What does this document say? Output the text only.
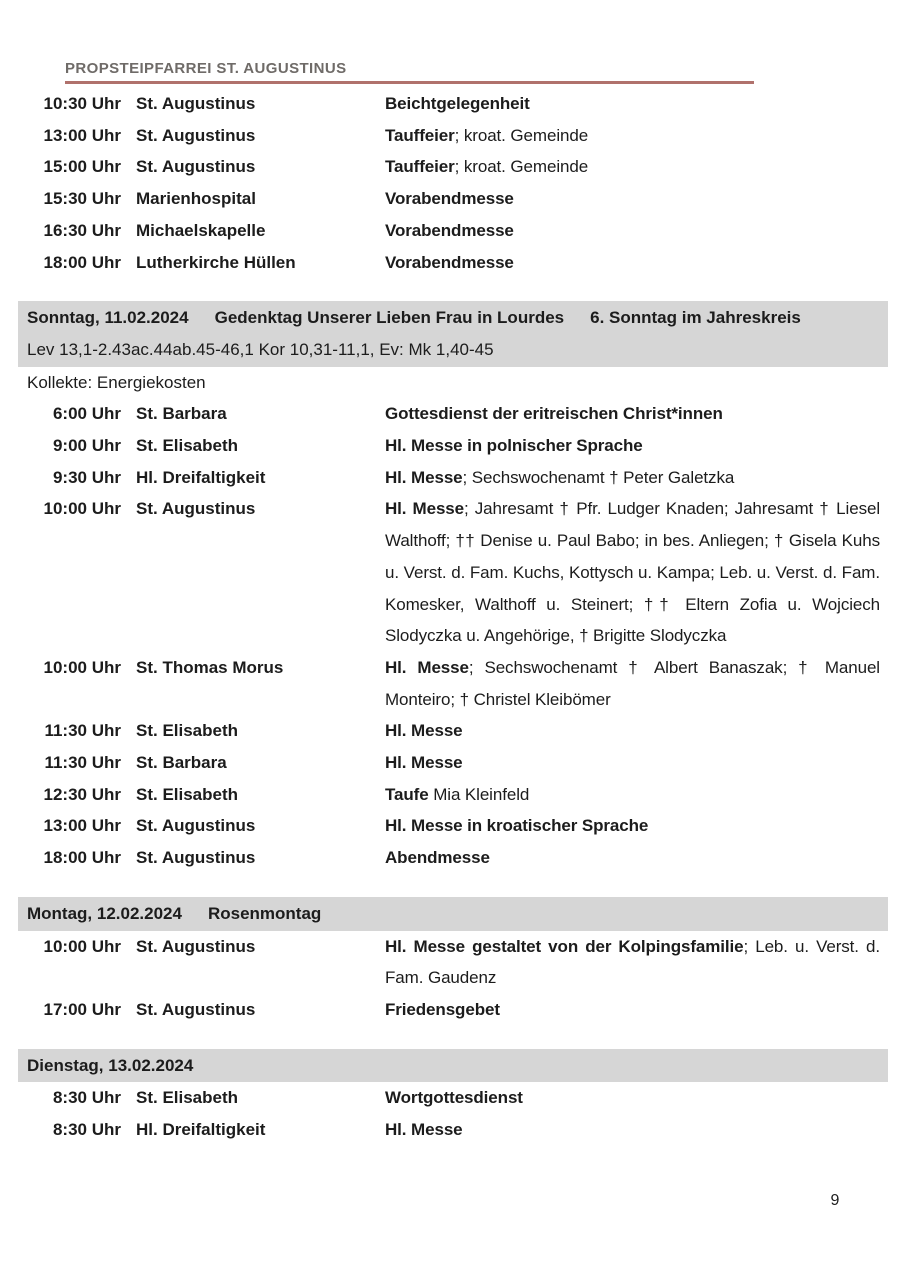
PROPSTEIPFARREI ST. AUGUSTINUS
10:30 Uhr St. Augustinus	Beichtgelegenheit
13:00 Uhr St. Augustinus	Tauffeier; kroat. Gemeinde
15:00 Uhr St. Augustinus	Tauffeier; kroat. Gemeinde
15:30 Uhr Marienhospital	Vorabendmesse
16:30 Uhr Michaelskapelle	Vorabendmesse
18:00 Uhr Lutherkirche Hüllen	Vorabendmesse
Sonntag, 11.02.2024 Gedenktag Unserer Lieben Frau in Lourdes 6. Sonntag im Jahreskreis
Lev 13,1-2.43ac.44ab.45-46,1 Kor 10,31-11,1, Ev: Mk 1,40-45
Kollekte: Energiekosten
6:00 Uhr St. Barbara	Gottesdienst der eritreischen Christ*innen
9:00 Uhr St. Elisabeth	Hl. Messe in polnischer Sprache
9:30 Uhr Hl. Dreifaltigkeit	Hl. Messe; Sechswochenamt † Peter Galetzka
10:00 Uhr St. Augustinus	Hl. Messe; Jahresamt † Pfr. Ludger Knaden; Jahresamt † Liesel Walthoff; †† Denise u. Paul Babo; in bes. Anliegen; † Gisela Kuhs u. Verst. d. Fam. Kuchs, Kottysch u. Kampa; Leb. u. Verst. d. Fam. Komesker, Walthoff u. Steinert; †† Eltern Zofia u. Wojciech Slodyczka u. Angehörige, † Brigitte Slodyczka
10:00 Uhr St. Thomas Morus	Hl. Messe; Sechswochenamt † Albert Banaszak; † Manuel Monteiro; † Christel Kleibömer
11:30 Uhr St. Elisabeth	Hl. Messe
11:30 Uhr St. Barbara	Hl. Messe
12:30 Uhr St. Elisabeth	Taufe Mia Kleinfeld
13:00 Uhr St. Augustinus	Hl. Messe in kroatischer Sprache
18:00 Uhr St. Augustinus	Abendmesse
Montag, 12.02.2024 Rosenmontag
10:00 Uhr St. Augustinus	Hl. Messe gestaltet von der Kolpingsfamilie; Leb. u. Verst. d. Fam. Gaudenz
17:00 Uhr St. Augustinus	Friedensgebet
Dienstag, 13.02.2024
8:30 Uhr St. Elisabeth	Wortgottesdienst
8:30 Uhr Hl. Dreifaltigkeit	Hl. Messe
9
